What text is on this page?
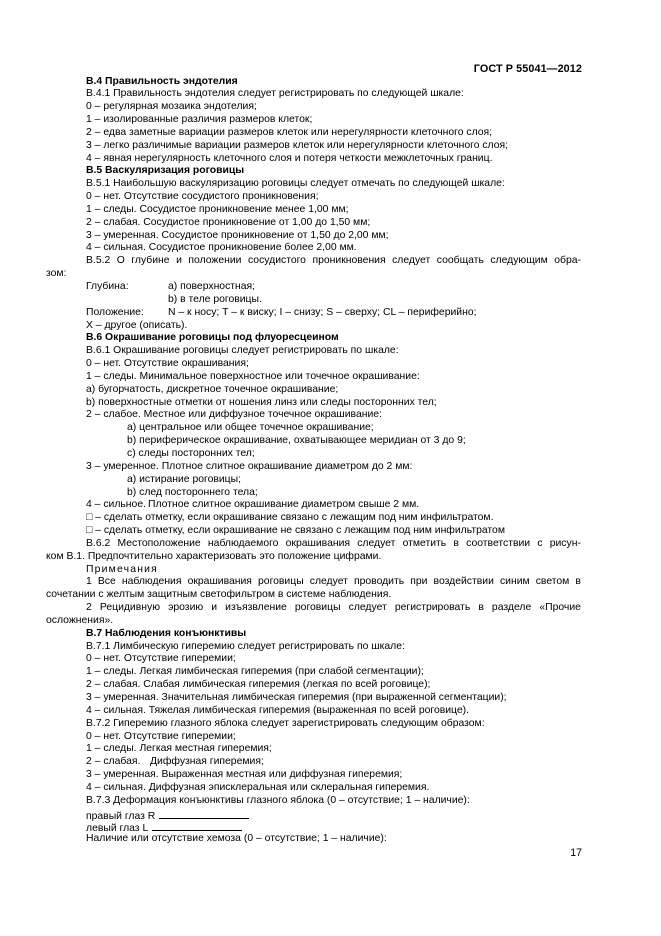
ГОСТ Р 55041—2012
В.4 Правильность эндотелия
В.4.1 Правильность эндотелия следует регистрировать по следующей шкале:
0 – регулярная мозаика эндотелия;
1 – изолированные различия размеров клеток;
2 – едва заметные вариации размеров клеток или нерегулярности клеточного слоя;
3 – легко различимые вариации размеров клеток или нерегулярности клеточного слоя;
4 – явная нерегулярность клеточного слоя и потеря четкости межклеточных границ.
В.5 Васкуляризация роговицы
В.5.1 Наибольшую васкуляризацию роговицы следует отмечать по следующей шкале:
0 – нет. Отсутствие сосудистого проникновения;
1 – следы. Сосудистое проникновение менее 1,00 мм;
2 – слабая. Сосудистое проникновение от 1,00 до 1,50 мм;
3 – умеренная. Сосудистое проникновение от 1,50 до 2,00 мм;
4 – сильная. Сосудистое проникновение более 2,00 мм.
В.5.2 О глубине и положении сосудистого проникновения следует сообщать следующим обра-
зом:
Глубина:	а) поверхностная;
b) в теле роговицы.
Положение: N – к носу; T – к виску; I – снизу; S – сверху; CL – периферийно;
X – другое (описать).
В.6 Окрашивание роговицы под флуоресцеином
В.6.1 Окрашивание роговицы следует регистрировать по шкале:
0 – нет. Отсутствие окрашивания;
1 – следы. Минимальное поверхностное или точечное окрашивание:
а) бугорчатость, дискретное точечное окрашивание;
b) поверхностные отметки от ношения линз или следы посторонних тел;
2 – слабое. Местное или диффузное точечное окрашивание:
а) центральное или общее точечное окрашивание;
b) периферическое окрашивание, охватывающее меридиан от 3 до 9;
с) следы посторонних тел;
3 – умеренное. Плотное слитное окрашивание диаметром до 2 мм:
а) истирание роговицы;
b) след постороннего тела;
4 – сильное. Плотное слитное окрашивание диаметром свыше 2 мм.
□ – сделать отметку, если окрашивание связано с лежащим под ним инфильтратом.
□ – сделать отметку, если окрашивание не связано с лежащим под ним инфильтратом
В.6.2 Местоположение наблюдаемого окрашивания следует отметить в соответствии с рисун-
ком В.1. Предпочтительно характеризовать это положение цифрами.
Примечания
1 Все наблюдения окрашивания роговицы следует проводить при воздействии синим светом в
сочетании с желтым защитным светофильтром в системе наблюдения.
2 Рецидивную эрозию и изъязвление роговицы следует регистрировать в разделе «Прочие
осложнения».
В.7 Наблюдения конъюнктивы
В.7.1 Лимбическую гиперемию следует регистрировать по шкале:
0 – нет. Отсутствие гиперемии;
1 – следы. Легкая лимбическая гиперемия (при слабой сегментации);
2 – слабая. Слабая лимбическая гиперемия (легкая по всей роговице);
3 – умеренная. Значительная лимбическая гиперемия (при выраженной сегментации);
4 – сильная. Тяжелая лимбическая гиперемия (выраженная по всей роговице).
В.7.2 Гиперемию глазного яблока следует зарегистрировать следующим образом:
0 – нет. Отсутствие гиперемии;
1 – следы. Легкая местная гиперемия;
2 – слабая. Диффузная гиперемия;
3 – умеренная. Выраженная местная или диффузная гиперемия;
4 – сильная. Диффузная эписклеральная или склеральная гиперемия.
В.7.3 Деформация конъюнктивы глазного яблока (0 – отсутствие; 1 – наличие):
правый глаз R
левый глаз L
Наличие или отсутствие хемоза (0 – отсутствие; 1 – наличие):
17
